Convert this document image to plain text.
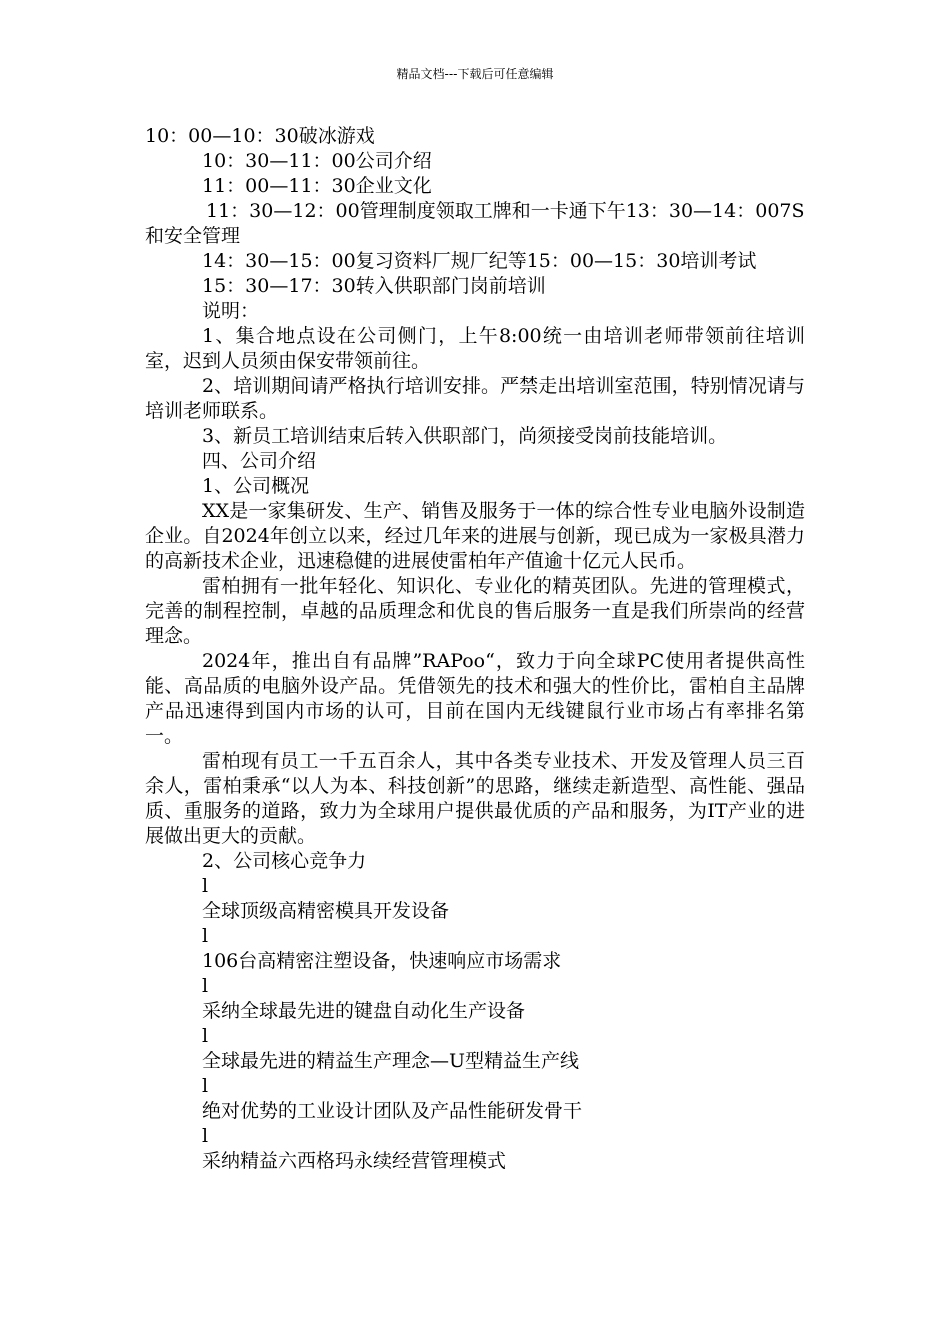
精品文档---下载后可任意编辑

10：00—10：30破冰游戏

10：30—11：00公司介绍

11：00—11：30企业文化

11：30—12：00管理制度领取工牌和一卡通下午13：30—14：007S和安全管理

14：30—15：00复习资料厂规厂纪等15：00—15：30培训考试

15：30—17：30转入供职部门岗前培训

说明：

1、集合地点设在公司侧门，上午8:00统一由培训老师带领前往培训室，迟到人员须由保安带领前往。

2、培训期间请严格执行培训安排。严禁走出培训室范围，特别情况请与培训老师联系。

3、新员工培训结束后转入供职部门，尚须接受岗前技能培训。

四、公司介绍

1、公司概况

XX是一家集研发、生产、销售及服务于一体的综合性专业电脑外设制造企业。自2024年创立以来，经过几年来的进展与创新，现已成为一家极具潜力的高新技术企业，迅速稳健的进展使雷柏年产值逾十亿元人民币。

雷柏拥有一批年轻化、知识化、专业化的精英团队。先进的管理模式，完善的制程控制，卓越的品质理念和优良的售后服务一直是我们所崇尚的经营理念。

2024年，推出自有品牌”RAPoo“，致力于向全球PC使用者提供高性能、高品质的电脑外设产品。凭借领先的技术和强大的性价比，雷柏自主品牌产品迅速得到国内市场的认可，目前在国内无线键鼠行业市场占有率排名第一。

雷柏现有员工一千五百余人，其中各类专业技术、开发及管理人员三百余人，雷柏秉承“以人为本、科技创新”的思路，继续走新造型、高性能、强品质、重服务的道路，致力为全球用户提供最优质的产品和服务，为IT产业的进展做出更大的贡献。

2、公司核心竞争力

l

全球顶级高精密模具开发设备

l

106台高精密注塑设备，快速响应市场需求

l

采纳全球最先进的键盘自动化生产设备

l

全球最先进的精益生产理念—U型精益生产线

l

绝对优势的工业设计团队及产品性能研发骨干

l

采纳精益六西格玛永续经营管理模式
